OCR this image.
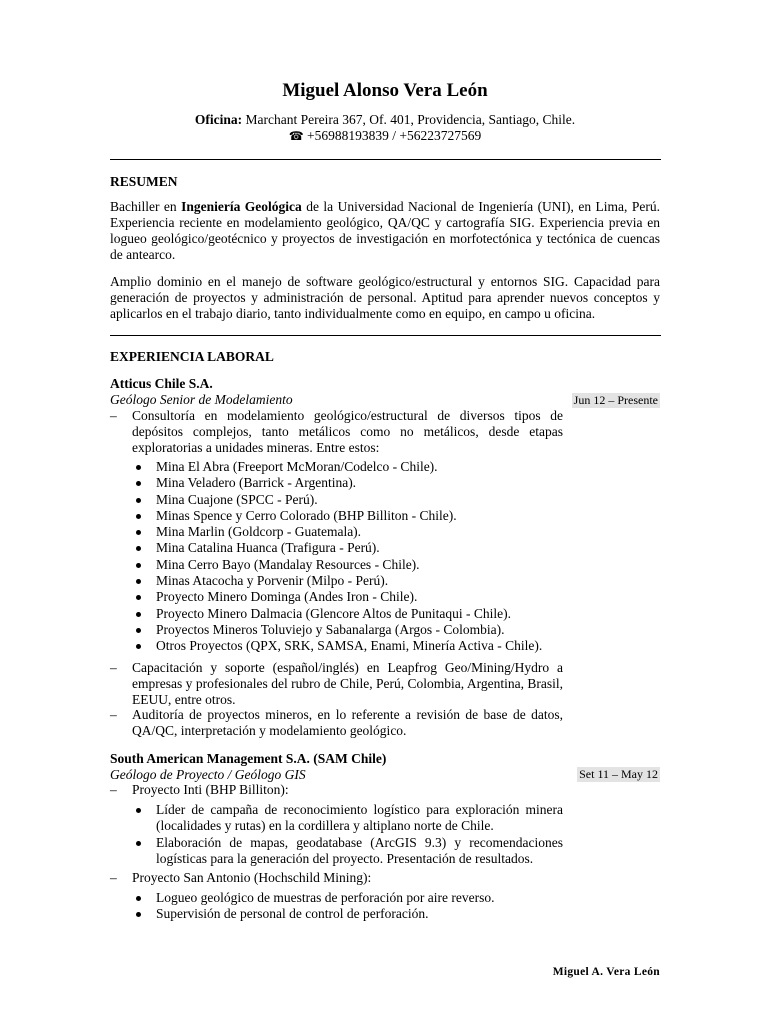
Miguel Alonso Vera León
Oficina: Marchant Pereira 367, Of. 401, Providencia, Santiago, Chile.
☎ +56988193839 / +56223727569
RESUMEN
Bachiller en Ingeniería Geológica de la Universidad Nacional de Ingeniería (UNI), en Lima, Perú. Experiencia reciente en modelamiento geológico, QA/QC y cartografía SIG. Experiencia previa en logueo geológico/geotécnico y proyectos de investigación en morfotectónica y tectónica de cuencas de antearco.
Amplio dominio en el manejo de software geológico/estructural y entornos SIG. Capacidad para generación de proyectos y administración de personal. Aptitud para aprender nuevos conceptos y aplicarlos en el trabajo diario, tanto individualmente como en equipo, en campo u oficina.
EXPERIENCIA LABORAL
Atticus Chile S.A.
Geólogo Senior de Modelamiento	Jun 12 – Presente
– Consultoría en modelamiento geológico/estructural de diversos tipos de depósitos complejos, tanto metálicos como no metálicos, desde etapas exploratorias a unidades mineras. Entre estos:
Mina El Abra (Freeport McMoran/Codelco - Chile).
Mina Veladero (Barrick - Argentina).
Mina Cuajone (SPCC - Perú).
Minas Spence y Cerro Colorado (BHP Billiton - Chile).
Mina Marlin (Goldcorp - Guatemala).
Mina Catalina Huanca (Trafigura - Perú).
Mina Cerro Bayo (Mandalay Resources - Chile).
Minas Atacocha y Porvenir (Milpo - Perú).
Proyecto Minero Dominga (Andes Iron - Chile).
Proyecto Minero Dalmacia (Glencore Altos de Punitaqui - Chile).
Proyectos Mineros Toluviejo y Sabanalarga (Argos - Colombia).
Otros Proyectos (QPX, SRK, SAMSA, Enami, Minería Activa - Chile).
– Capacitación y soporte (español/inglés) en Leapfrog Geo/Mining/Hydro a empresas y profesionales del rubro de Chile, Perú, Colombia, Argentina, Brasil, EEUU, entre otros.
– Auditoría de proyectos mineros, en lo referente a revisión de base de datos, QA/QC, interpretación y modelamiento geológico.
South American Management S.A. (SAM Chile)
Geólogo de Proyecto / Geólogo GIS	Set 11 – May 12
– Proyecto Inti (BHP Billiton):
Líder de campaña de reconocimiento logístico para exploración minera (localidades y rutas) en la cordillera y altiplano norte de Chile.
Elaboración de mapas, geodatabase (ArcGIS 9.3) y recomendaciones logísticas para la generación del proyecto. Presentación de resultados.
– Proyecto San Antonio (Hochschild Mining):
Logueo geológico de muestras de perforación por aire reverso.
Supervisión de personal de control de perforación.
Miguel A. Vera León
